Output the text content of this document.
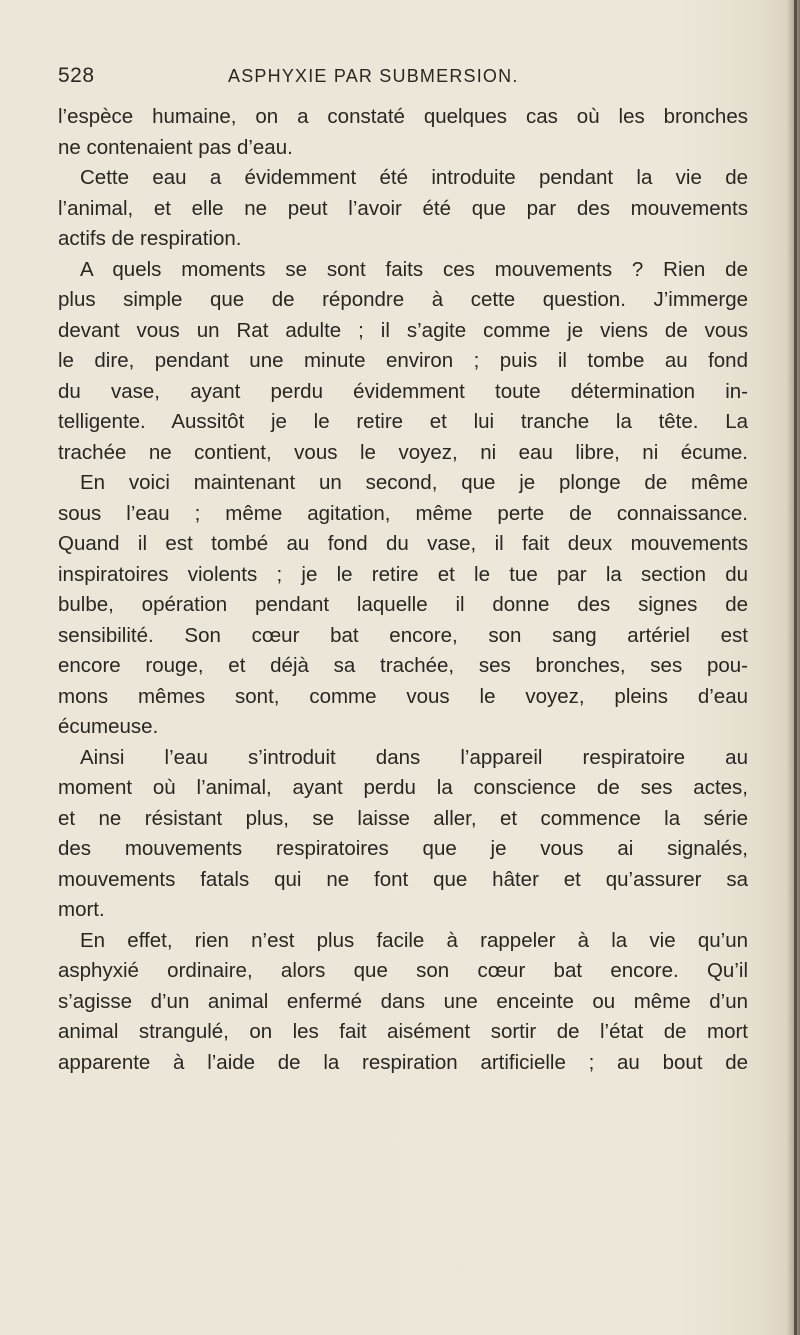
528	ASPHYXIE PAR SUBMERSION.
l’espèce humaine, on a constaté quelques cas où les bronches
ne contenaient pas d’eau.
Cette eau a évidemment été introduite pendant la vie de
l’animal, et elle ne peut l’avoir été que par des mouvements
actifs de respiration.
A quels moments se sont faits ces mouvements ? Rien de
plus simple que de répondre à cette question. J’immerge
devant vous un Rat adulte ; il s’agite comme je viens de vous
le dire, pendant une minute environ ; puis il tombe au fond
du vase, ayant perdu évidemment toute détermination in-
telligente. Aussitôt je le retire et lui tranche la tête. La
trachée ne contient, vous le voyez, ni eau libre, ni écume.
En voici maintenant un second, que je plonge de même
sous l’eau ; même agitation, même perte de connaissance.
Quand il est tombé au fond du vase, il fait deux mouvements
inspiratoires violents ; je le retire et le tue par la section du
bulbe, opération pendant laquelle il donne des signes de
sensibilité. Son cœur bat encore, son sang artériel est
encore rouge, et déjà sa trachée, ses bronches, ses pou-
mons mêmes sont, comme vous le voyez, pleins d’eau
écumeuse.
Ainsi l’eau s’introduit dans l’appareil respiratoire au
moment où l’animal, ayant perdu la conscience de ses actes,
et ne résistant plus, se laisse aller, et commence la série
des mouvements respiratoires que je vous ai signalés,
mouvements fatals qui ne font que hâter et qu’assurer sa
mort.
En effet, rien n’est plus facile à rappeler à la vie qu’un
asphyxié ordinaire, alors que son cœur bat encore. Qu’il
s’agisse d’un animal enfermé dans une enceinte ou même d’un
animal strangulé, on les fait aisément sortir de l’état de mort
apparente à l’aide de la respiration artificielle ; au bout de
